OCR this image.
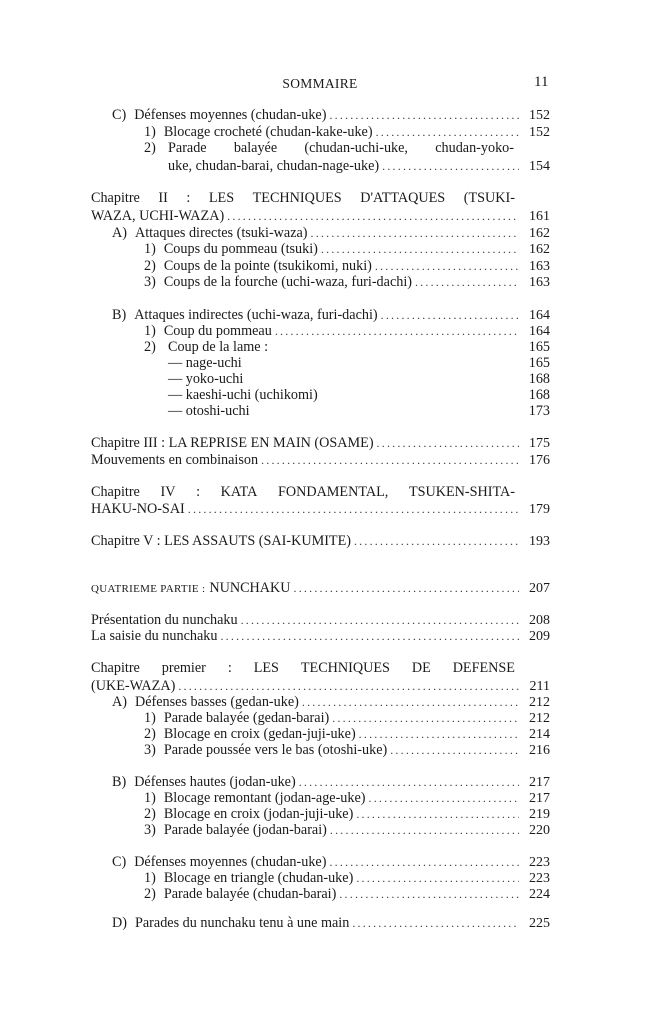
SOMMAIRE	11
C) Défenses moyennes (chudan-uke) .....	152
1) Blocage crocheté (chudan-kake-uke) .....	152
2) Parade balayée (chudan-uchi-uke, chudan-yoko-
uke, chudan-barai, chudan-nage-uke) .....	154
Chapitre II : LES TECHNIQUES D'ATTAQUES (TSUKI-
WAZA, UCHI-WAZA) .....	161
A) Attaques directes (tsuki-waza) .....	162
1) Coups du pommeau (tsuki) .....	162
2) Coups de la pointe (tsukikomi, nuki) .....	163
3) Coups de la fourche (uchi-waza, furi-dachi) .....	163
B) Attaques indirectes (uchi-waza, furi-dachi) .....	164
1) Coup du pommeau .....	164
2) Coup de la lame :	165
— nage-uchi	165
— yoko-uchi	168
— kaeshi-uchi (uchikomi)	168
— otoshi-uchi	173
Chapitre III : LA REPRISE EN MAIN (OSAME) .....	175
Mouvements en combinaison .....	176
Chapitre IV : KATA FONDAMENTAL, TSUKEN-SHITA-
HAKU-NO-SAI .....	179
Chapitre V : LES ASSAUTS (SAI-KUMITE) .....	193
QUATRIEME PARTIE : NUNCHAKU .....	207
Présentation du nunchaku .....	208
La saisie du nunchaku .....	209
Chapitre premier : LES TECHNIQUES DE DEFENSE
(UKE-WAZA) .....	211
A) Défenses basses (gedan-uke) .....	212
1) Parade balayée (gedan-barai) .....	212
2) Blocage en croix (gedan-juji-uke) .....	214
3) Parade poussée vers le bas (otoshi-uke) .....	216
B) Défenses hautes (jodan-uke) .....	217
1) Blocage remontant (jodan-age-uke) .....	217
2) Blocage en croix (jodan-juji-uke) .....	219
3) Parade balayée (jodan-barai) .....	220
C) Défenses moyennes (chudan-uke) .....	223
1) Blocage en triangle (chudan-uke) .....	223
2) Parade balayée (chudan-barai) .....	224
D) Parades du nunchaku tenu à une main .....	225
